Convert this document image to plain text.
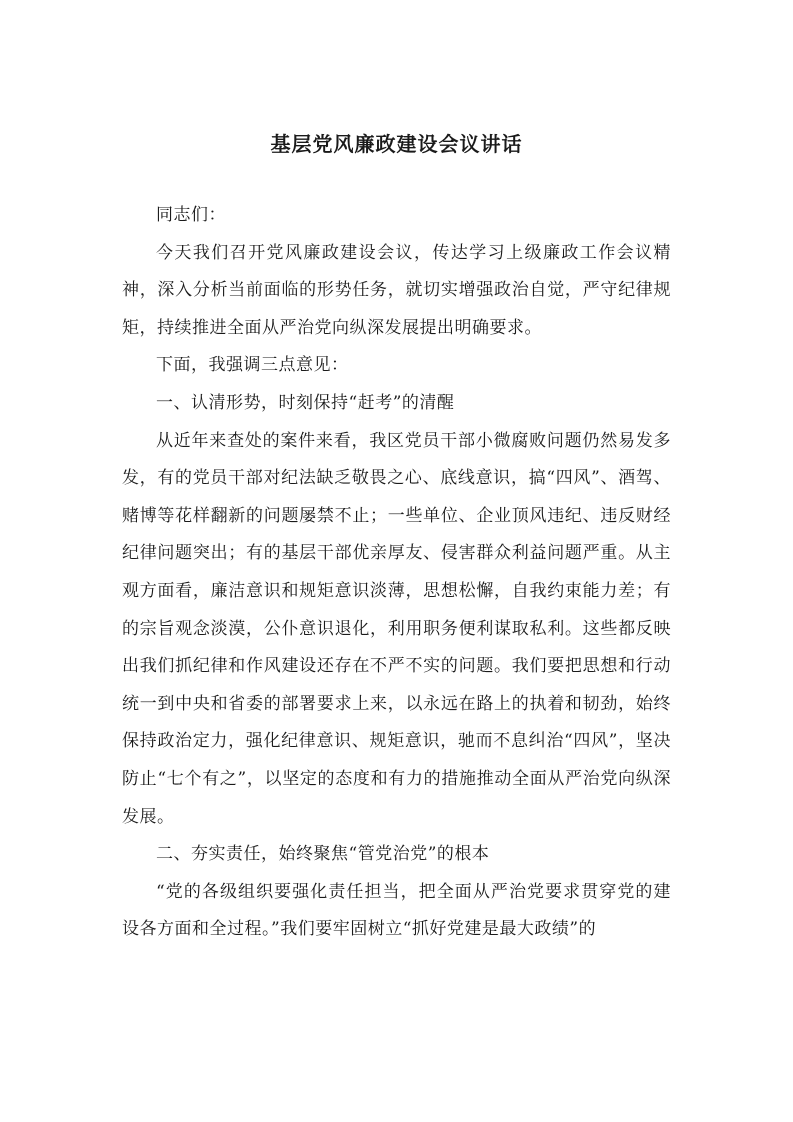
基层党风廉政建设会议讲话

同志们：

今天我们召开党风廉政建设会议，传达学习上级廉政工作会议精神，深入分析当前面临的形势任务，就切实增强政治自觉，严守纪律规矩，持续推进全面从严治党向纵深发展提出明确要求。

下面，我强调三点意见：

一、认清形势，时刻保持“赶考”的清醒

从近年来查处的案件来看，我区党员干部小微腐败问题仍然易发多发，有的党员干部对纪法缺乏敬畏之心、底线意识，搞“四风”、酒驾、赌博等花样翻新的问题屡禁不止；一些单位、企业顶风违纪、违反财经纪律问题突出；有的基层干部优亲厚友、侵害群众利益问题严重。从主观方面看，廉洁意识和规矩意识淡薄，思想松懈，自我约束能力差；有的宗旨观念淡漠，公仆意识退化，利用职务便利谋取私利。这些都反映出我们抓纪律和作风建设还存在不严不实的问题。我们要把思想和行动统一到中央和省委的部署要求上来，以永远在路上的执着和韧劲，始终保持政治定力，强化纪律意识、规矩意识，驰而不息纠治“四风”，坚决防止“七个有之”，以坚定的态度和有力的措施推动全面从严治党向纵深发展。

二、夯实责任，始终聚焦“管党治党”的根本

“党的各级组织要强化责任担当，把全面从严治党要求贯穿党的建设各方面和全过程。”我们要牢固树立“抓好党建是最大政绩”的
